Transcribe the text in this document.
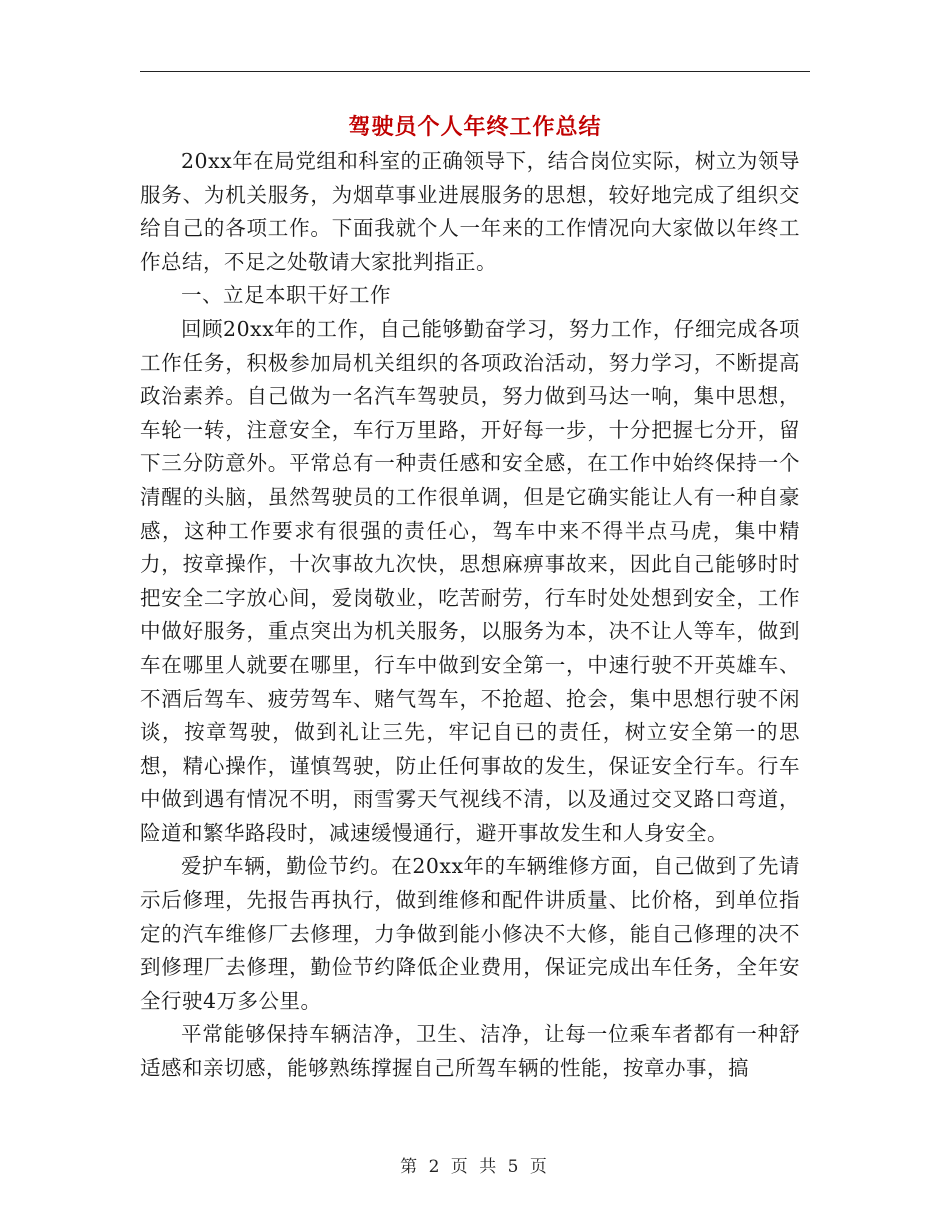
驾驶员个人年终工作总结

20xx年在局党组和科室的正确领导下，结合岗位实际，树立为领导服务、为机关服务，为烟草事业进展服务的思想，较好地完成了组织交给自己的各项工作。下面我就个人一年来的工作情况向大家做以年终工作总结，不足之处敬请大家批判指正。

一、立足本职干好工作

回顾20xx年的工作，自己能够勤奋学习，努力工作，仔细完成各项工作任务，积极参加局机关组织的各项政治活动，努力学习，不断提高政治素养。自己做为一名汽车驾驶员，努力做到马达一响，集中思想，车轮一转，注意安全，车行万里路，开好每一步，十分把握七分开，留下三分防意外。平常总有一种责任感和安全感，在工作中始终保持一个清醒的头脑，虽然驾驶员的工作很单调，但是它确实能让人有一种自豪感，这种工作要求有很强的责任心，驾车中来不得半点马虎，集中精力，按章操作，十次事故九次快，思想麻痹事故来，因此自己能够时时把安全二字放心间，爱岗敬业，吃苦耐劳，行车时处处想到安全，工作中做好服务，重点突出为机关服务，以服务为本，决不让人等车，做到车在哪里人就要在哪里，行车中做到安全第一，中速行驶不开英雄车、不酒后驾车、疲劳驾车、赌气驾车，不抢超、抢会，集中思想行驶不闲谈，按章驾驶，做到礼让三先，牢记自已的责任，树立安全第一的思想，精心操作，谨慎驾驶，防止任何事故的发生，保证安全行车。行车中做到遇有情况不明，雨雪雾天气视线不清，以及通过交叉路口弯道，险道和繁华路段时，减速缓慢通行，避开事故发生和人身安全。

爱护车辆，勤俭节约。在20xx年的车辆维修方面，自己做到了先请示后修理，先报告再执行，做到维修和配件讲质量、比价格，到单位指定的汽车维修厂去修理，力争做到能小修决不大修，能自己修理的决不到修理厂去修理，勤俭节约降低企业费用，保证完成出车任务，全年安全行驶4万多公里。

平常能够保持车辆洁净，卫生、洁净，让每一位乘车者都有一种舒适感和亲切感，能够熟练撑握自己所驾车辆的性能，按章办事，搞

第 2 页 共 5 页
